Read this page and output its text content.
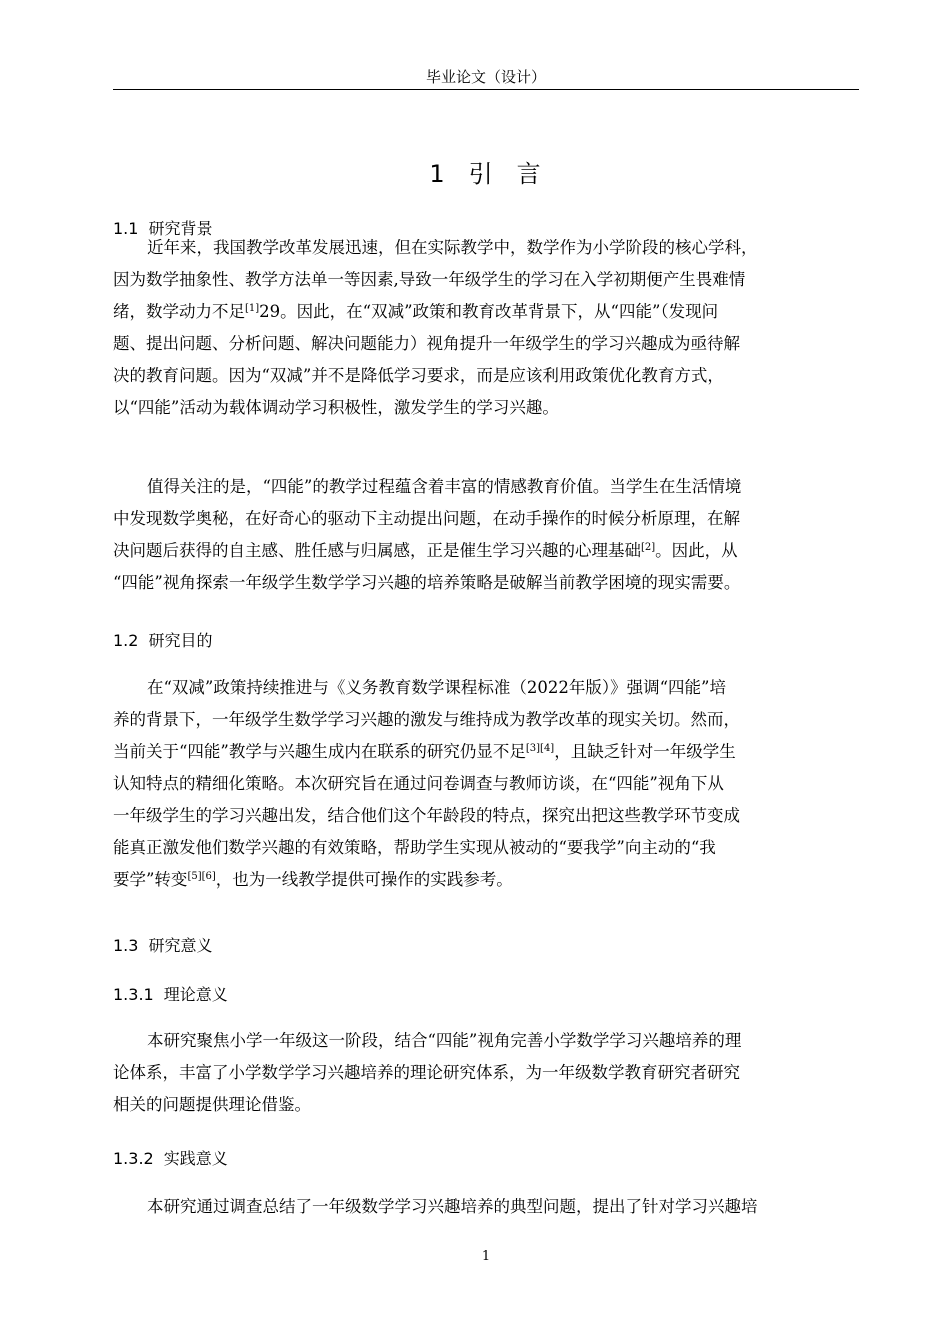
毕业论文（设计）
1 引 言
1.1 研究背景
近年来，我国教学改革发展迅速，但在实际教学中，数学作为小学阶段的核心学科，
因为数学抽象性、教学方法单一等因素,导致一年级学生的学习在入学初期便产生畏难情
绪，数学动力不足[1]29。因此，在“双减”政策和教育改革背景下，从“四能”（发现问
题、提出问题、分析问题、解决问题能力）视角提升一年级学生的学习兴趣成为亟待解
决的教育问题。因为“双减”并不是降低学习要求，而是应该利用政策优化教育方式，
以“四能”活动为载体调动学习积极性，激发学生的学习兴趣。
值得关注的是，“四能”的教学过程蕴含着丰富的情感教育价值。当学生在生活情境
中发现数学奥秘，在好奇心的驱动下主动提出问题，在动手操作的时候分析原理，在解
决问题后获得的自主感、胜任感与归属感，正是催生学习兴趣的心理基础[2]。因此，从
“四能”视角探索一年级学生数学学习兴趣的培养策略是破解当前教学困境的现实需要。
1.2 研究目的
在“双减”政策持续推进与《义务教育数学课程标准（2022年版）》强调“四能”培
养的背景下，一年级学生数学学习兴趣的激发与维持成为教学改革的现实关切。然而，
当前关于“四能”教学与兴趣生成内在联系的研究仍显不足[3][4]，且缺乏针对一年级学生
认知特点的精细化策略。本次研究旨在通过问卷调查与教师访谈，在“四能”视角下从
一年级学生的学习兴趣出发，结合他们这个年龄段的特点，探究出把这些教学环节变成
能真正激发他们数学兴趣的有效策略，帮助学生实现从被动的“要我学”向主动的“我
要学”转变[5][6]，也为一线教学提供可操作的实践参考。
1.3 研究意义
1.3.1 理论意义
本研究聚焦小学一年级这一阶段，结合“四能”视角完善小学数学学习兴趣培养的理
论体系，丰富了小学数学学习兴趣培养的理论研究体系，为一年级数学教育研究者研究
相关的问题提供理论借鉴。
1.3.2 实践意义
本研究通过调查总结了一年级数学学习兴趣培养的典型问题，提出了针对学习兴趣培
1
